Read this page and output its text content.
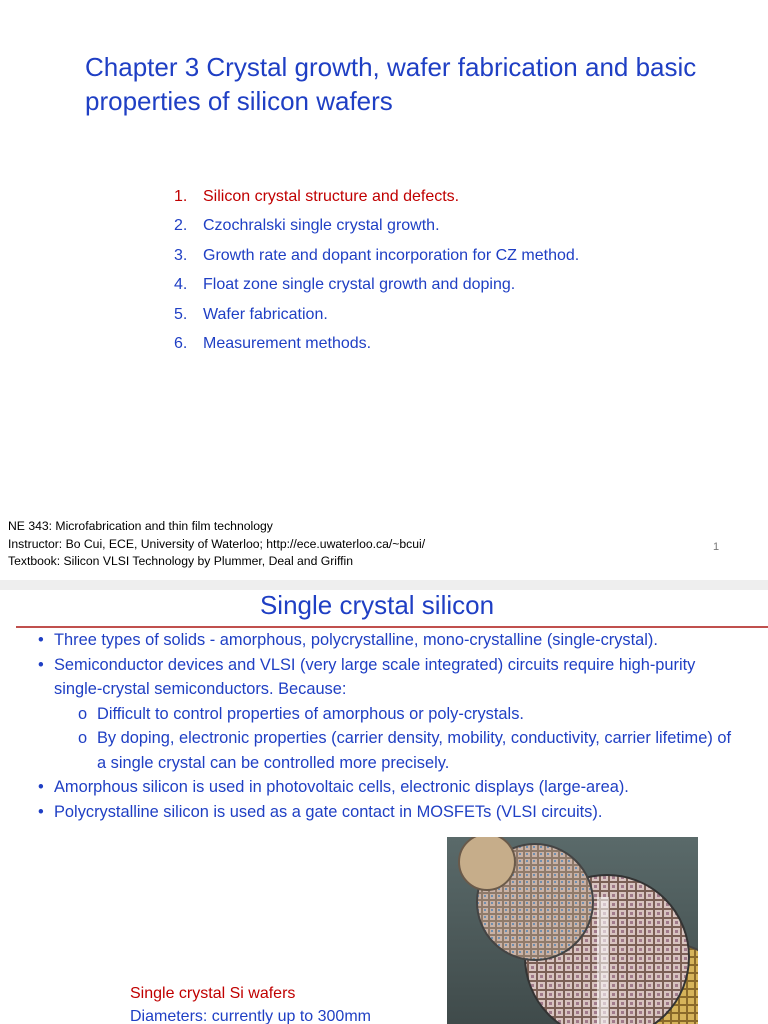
Chapter 3 Crystal growth, wafer fabrication and basic properties of silicon wafers
1. Silicon crystal structure and defects.
2. Czochralski single crystal growth.
3. Growth rate and dopant incorporation for CZ method.
4. Float zone single crystal growth and doping.
5. Wafer fabrication.
6. Measurement methods.
NE 343: Microfabrication and thin film technology
Instructor: Bo Cui, ECE, University of Waterloo; http://ece.uwaterloo.ca/~bcui/
Textbook: Silicon VLSI Technology by Plummer, Deal and Griffin
1
Single crystal silicon
• Three types of solids - amorphous, polycrystalline, mono-crystalline (single-crystal).
• Semiconductor devices and VLSI (very large scale integrated) circuits require high-purity single-crystal semiconductors. Because:
o Difficult to control properties of amorphous or poly-crystals.
o By doping, electronic properties (carrier density, mobility, conductivity, carrier lifetime) of a single crystal can be controlled more precisely.
• Amorphous silicon is used in photovoltaic cells, electronic displays (large-area).
• Polycrystalline silicon is used as a gate contact in MOSFETs (VLSI circuits).
Single crystal Si wafers
Diameters: currently up to 300mm
